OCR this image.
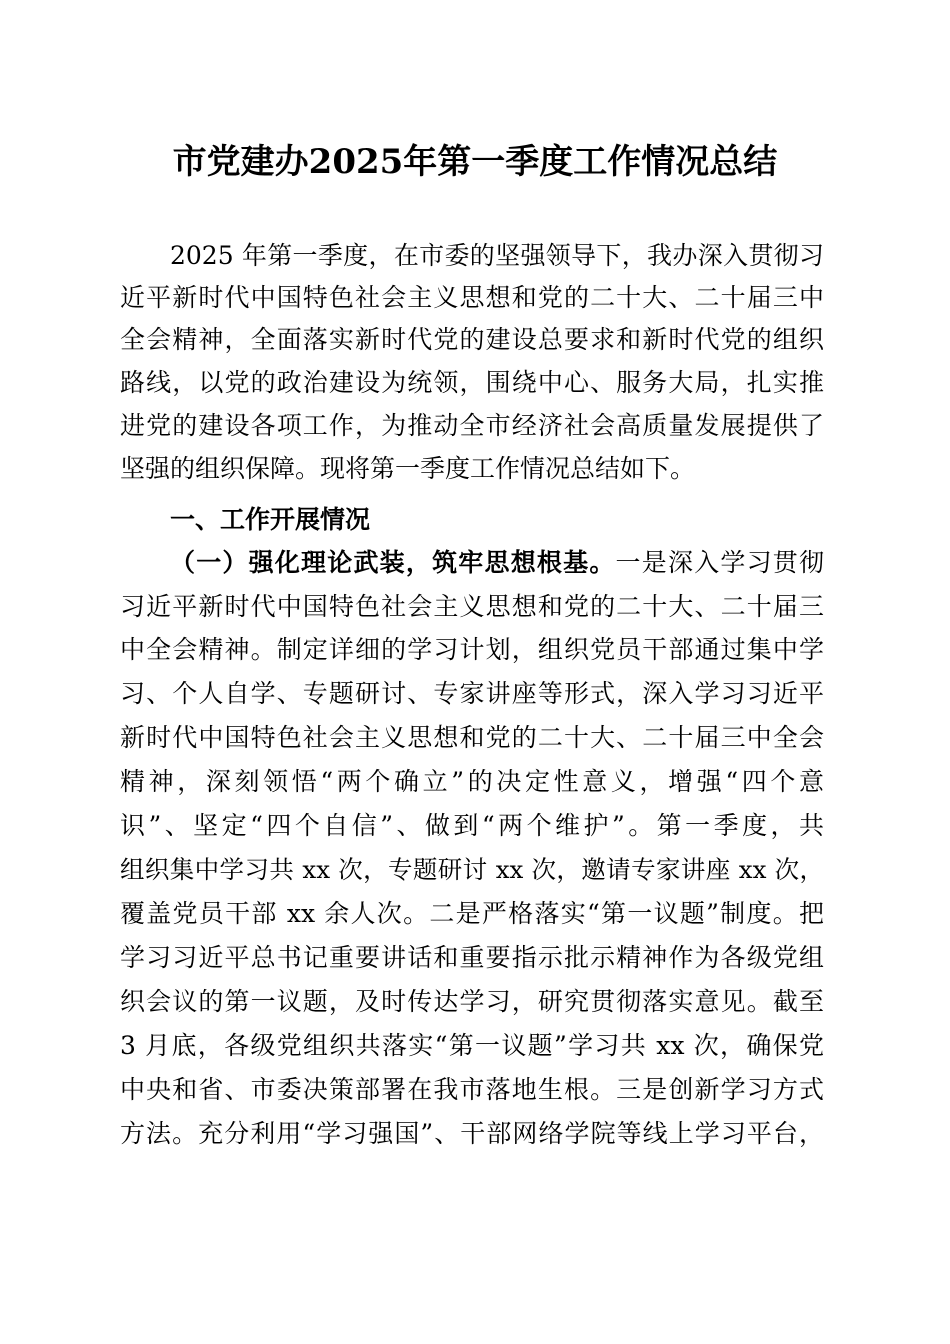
市党建办2025年第一季度工作情况总结
2025 年第一季度，在市委的坚强领导下，我办深入贯彻习
近平新时代中国特色社会主义思想和党的二十大、二十届三中
全会精神，全面落实新时代党的建设总要求和新时代党的组织
路线，以党的政治建设为统领，围绕中心、服务大局，扎实推
进党的建设各项工作，为推动全市经济社会高质量发展提供了
坚强的组织保障。现将第一季度工作情况总结如下。
一、工作开展情况
（一）强化理论武装，筑牢思想根基。一是深入学习贯彻
习近平新时代中国特色社会主义思想和党的二十大、二十届三
中全会精神。制定详细的学习计划，组织党员干部通过集中学
习、个人自学、专题研讨、专家讲座等形式，深入学习习近平
新时代中国特色社会主义思想和党的二十大、二十届三中全会
精神，深刻领悟“两个确立”的决定性意义，增强“四个意
识”、坚定“四个自信”、做到“两个维护”。第一季度，共
组织集中学习共 xx 次，专题研讨 xx 次，邀请专家讲座 xx 次，
覆盖党员干部 xx 余人次。二是严格落实“第一议题”制度。把
学习习近平总书记重要讲话和重要指示批示精神作为各级党组
织会议的第一议题，及时传达学习，研究贯彻落实意见。截至
3 月底，各级党组织共落实“第一议题”学习共 xx 次，确保党
中央和省、市委决策部署在我市落地生根。三是创新学习方式
方法。充分利用“学习强国”、干部网络学院等线上学习平台，
